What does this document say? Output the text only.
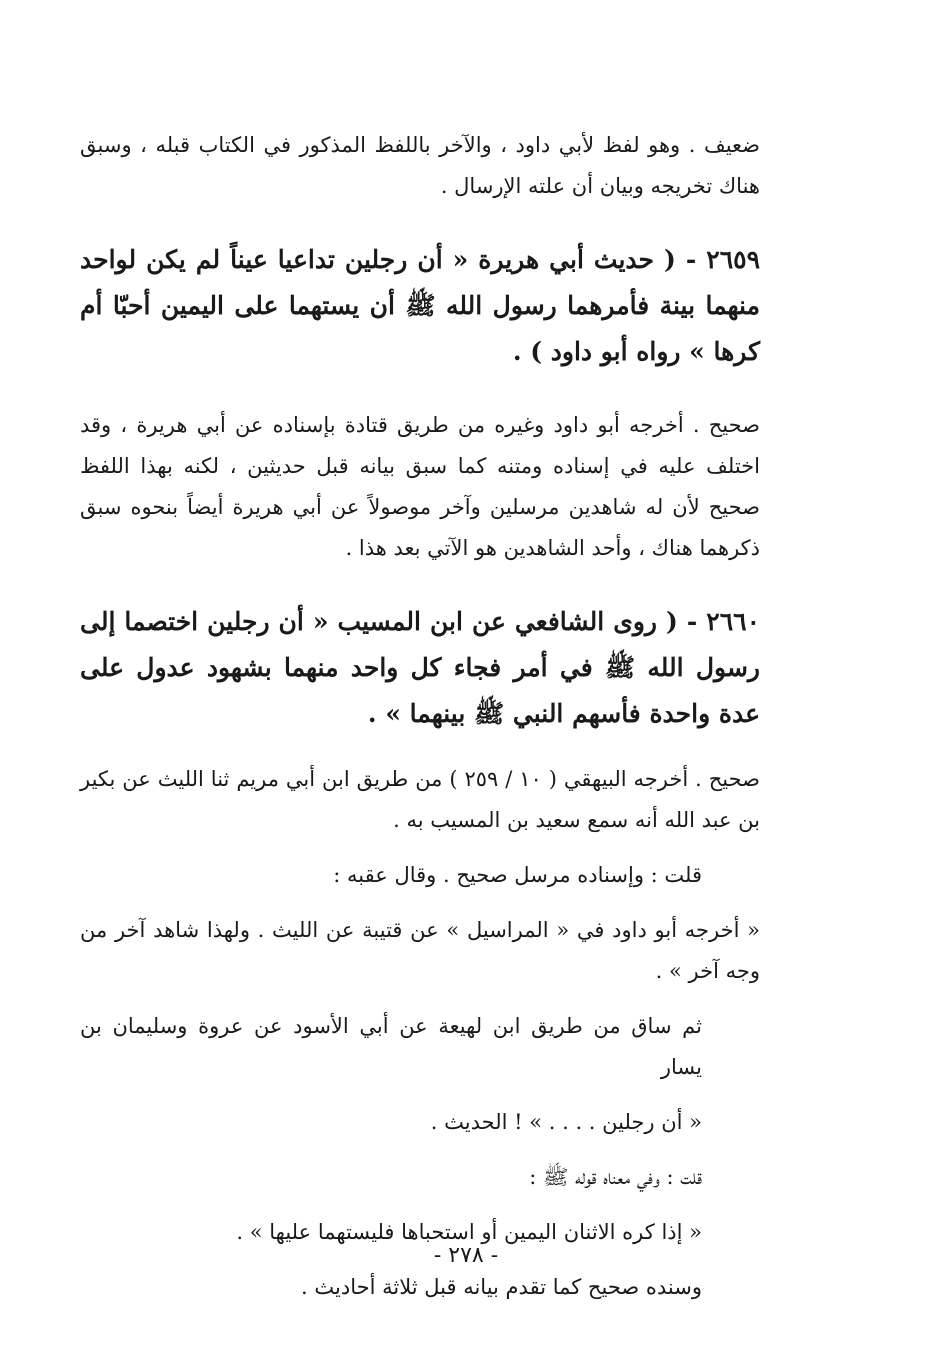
ضعيف . وهو لفظ لأبي داود ، والآخر باللفظ المذكور في الكتاب قبله ، وسبق هناك تخريجه وبيان أن علته الإرسال .

٢٦٥٩ - ( حديث أبي هريرة « أن رجلين تداعيا عيناً لم يكن لواحد منهما بينة فأمرهما رسول الله ﷺ أن يستهما على اليمين أحبّا أم كرها » رواه أبو داود ) .

صحيح . أخرجه أبو داود وغيره من طريق قتادة بإسناده عن أبي هريرة ، وقد اختلف عليه في إسناده ومتنه كما سبق بيانه قبل حديثين ، لكنه بهذا اللفظ صحيح لأن له شاهدين مرسلين وآخر موصولاً عن أبي هريرة أيضاً بنحوه سبق ذكرهما هناك ، وأحد الشاهدين هو الآتي بعد هذا .

٢٦٦٠ - ( روى الشافعي عن ابن المسيب « أن رجلين اختصما إلى رسول الله ﷺ في أمر فجاء كل واحد منهما بشهود عدول على عدة واحدة فأسهم النبي ﷺ بينهما » .

صحيح . أخرجه البيهقي ( ١٠ / ٢٥٩ ) من طريق ابن أبي مريم ثنا الليث عن بكير بن عبد الله أنه سمع سعيد بن المسيب به .

قلت : وإسناده مرسل صحيح . وقال عقبه :

« أخرجه أبو داود في « المراسيل » عن قتيبة عن الليث . ولهذا شاهد آخر من وجه آخر » .

ثم ساق من طريق ابن لهيعة عن أبي الأسود عن عروة وسليمان بن يسار

« أن رجلين . . . . » ! الحديث .

قلت : وفي معناه قوله ﷺ :

« إذا كره الاثنان اليمين أو استحباها فليستهما عليها » .

وسنده صحيح كما تقدم بيانه قبل ثلاثة أحاديث .

- ٢٧٨ -
